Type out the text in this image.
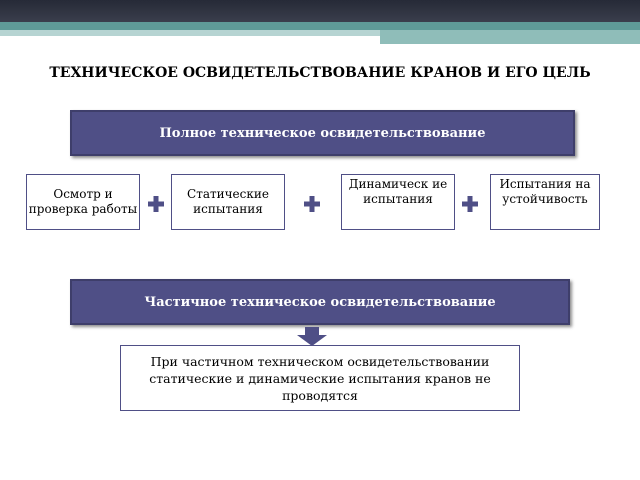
ТЕХНИЧЕСКОЕ ОСВИДЕТЕЛЬСТВОВАНИЕ КРАНОВ И ЕГО ЦЕЛЬ
Полное техническое освидетельствование
Осмотр и проверка работы
Статические испытания
Динамическ ие испытания
Испытания на устойчивость
Частичное техническое освидетельствование
При частичном техническом освидетельствовании статические и динамические испытания кранов не проводятся
